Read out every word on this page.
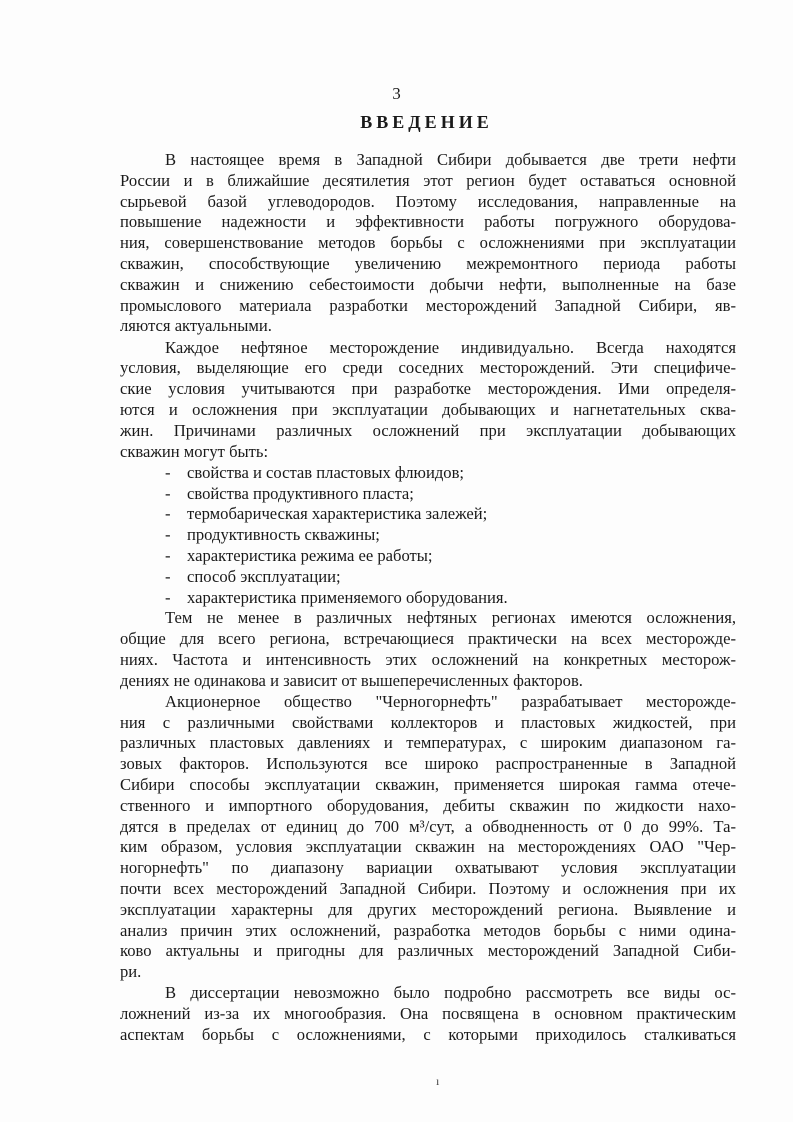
3
ВВЕДЕНИЕ
В настоящее время в Западной Сибири добывается две трети нефти
России и в ближайшие десятилетия этот регион будет оставаться основной
сырьевой базой углеводородов. Поэтому исследования, направленные на
повышение надежности и эффективности работы погружного оборудова-
ния, совершенствование методов борьбы с осложнениями при эксплуатации
скважин, способствующие увеличению межремонтного периода работы
скважин и снижению себестоимости добычи нефти, выполненные на базе
промыслового материала разработки месторождений Западной Сибири, яв-
ляются актуальными.
Каждое нефтяное месторождение индивидуально. Всегда находятся
условия, выделяющие его среди соседних месторождений. Эти специфиче-
ские условия учитываются при разработке месторождения. Ими определя-
ются и осложнения при эксплуатации добывающих и нагнетательных сква-
жин. Причинами различных осложнений при эксплуатации добывающих
скважин могут быть:
- свойства и состав пластовых флюидов;
- свойства продуктивного пласта;
- термобарическая характеристика залежей;
- продуктивность скважины;
- характеристика режима ее работы;
- способ эксплуатации;
- характеристика применяемого оборудования.
Тем не менее в различных нефтяных регионах имеются осложнения,
общие для всего региона, встречающиеся практически на всех месторожде-
ниях. Частота и интенсивность этих осложнений на конкретных месторож-
дениях не одинакова и зависит от вышеперечисленных факторов.
Акционерное общество "Черногорнефть" разрабатывает месторожде-
ния с различными свойствами коллекторов и пластовых жидкостей, при
различных пластовых давлениях и температурах, с широким диапазоном га-
зовых факторов. Используются все широко распространенные в Западной
Сибири способы эксплуатации скважин, применяется широкая гамма отече-
ственного и импортного оборудования, дебиты скважин по жидкости нахо-
дятся в пределах от единиц до 700 м³/сут, а обводненность от 0 до 99%. Та-
ким образом, условия эксплуатации скважин на месторождениях ОАО "Чер-
ногорнефть" по диапазону вариации охватывают условия эксплуатации
почти всех месторождений Западной Сибири. Поэтому и осложнения при их
эксплуатации характерны для других месторождений региона. Выявление и
анализ причин этих осложнений, разработка методов борьбы с ними одина-
ково актуальны и пригодны для различных месторождений Западной Сиби-
ри.
В диссертации невозможно было подробно рассмотреть все виды ос-
ложнений из-за их многообразия. Она посвящена в основном практическим
аспектам борьбы с осложнениями, с которыми приходилось сталкиваться
ı
